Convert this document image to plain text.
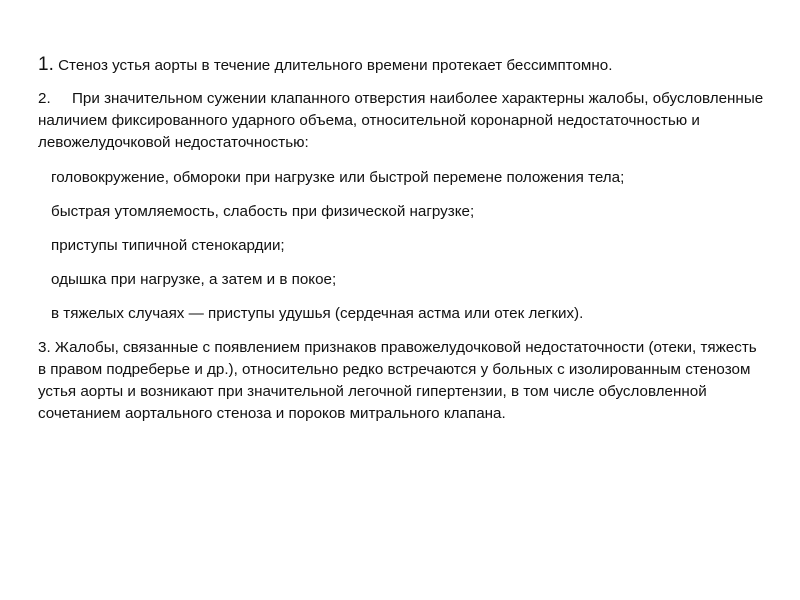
1. Стеноз устья аорты в течение длительного времени протекает бессимптомно.

2. При значительном сужении клапанного отверстия наиболее характерны жалобы, обусловленные наличием фиксированного ударного объема, относительной коронарной недостаточностью и левожелудочковой недостаточностью:

головокружение, обмороки при нагрузке или быстрой перемене положения тела;
быстрая утомляемость, слабость при физической нагрузке;
приступы типичной стенокардии;
одышка при нагрузке, а затем и в покое;
в тяжелых случаях — приступы удушья (сердечная астма или отек легких).

3. Жалобы, связанные с появлением признаков правожелудочковой недостаточности (отеки, тяжесть в правом подреберье и др.), относительно редко встречаются у больных с изолированным стенозом устья аорты и возникают при значительной легочной гипертензии, в том числе обусловленной сочетанием аортального стеноза и пороков митрального клапана.
